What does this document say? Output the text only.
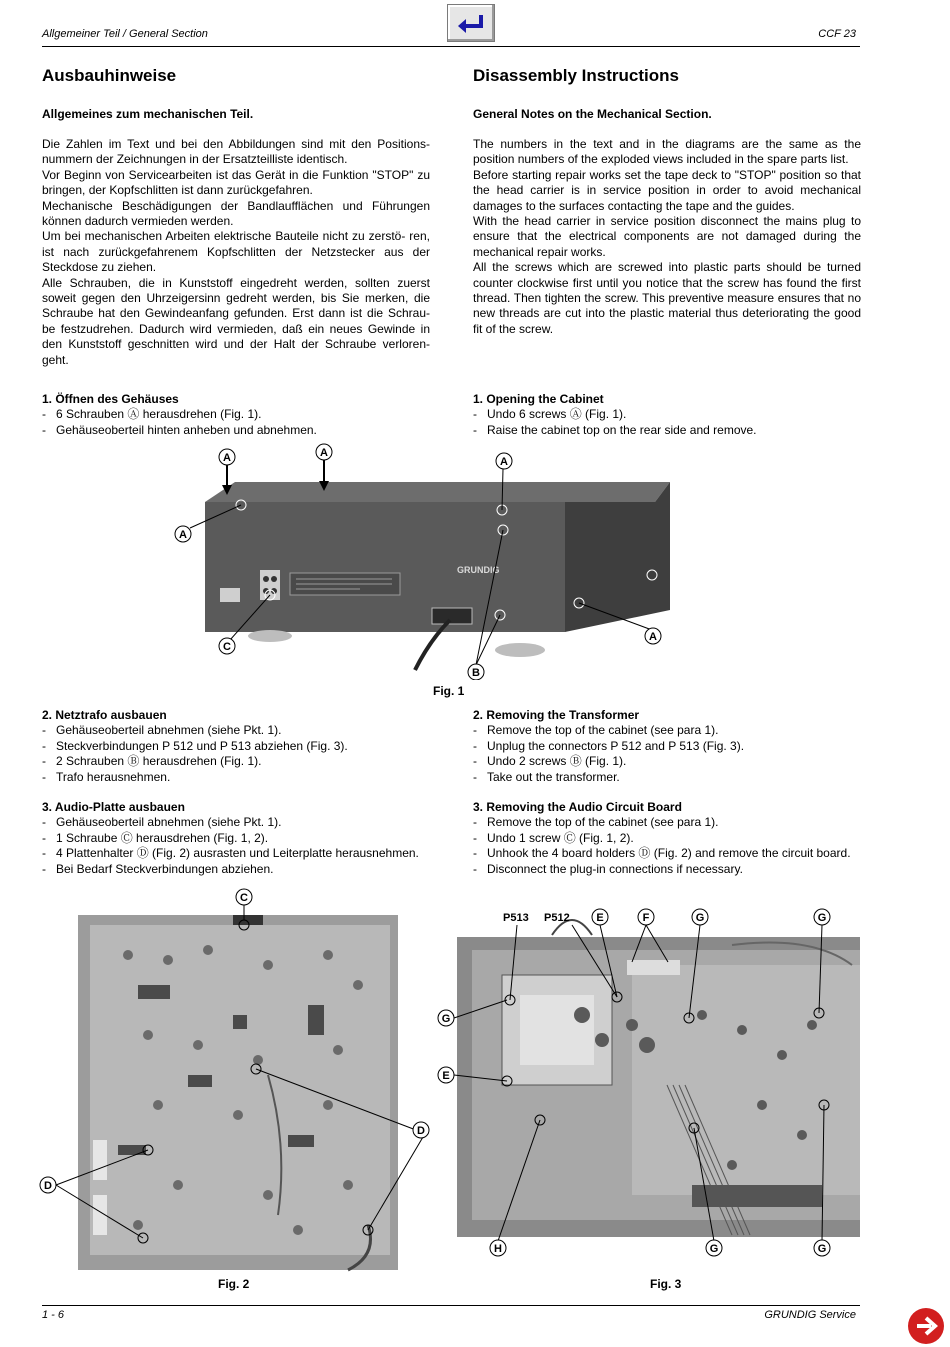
Allgemeiner Teil / General Section	CCF 23
Ausbauhinweise	Disassembly Instructions
Allgemeines zum mechanischen Teil.	General Notes on the Mechanical Section.

Die Zahlen im Text und bei den Abbildungen sind mit den Positions- nummern der Zeichnungen in der Ersatzteilliste identisch.

Vor Beginn von Servicearbeiten ist das Gerät in die Funktion "STOP" zu bringen, der Kopfschlitten ist dann zurückgefahren.

Mechanische Beschädigungen der Bandlaufflächen und Führungen können dadurch vermieden werden.

Um bei mechanischen Arbeiten elektrische Bauteile nicht zu zerstö- ren, ist nach zurückgefahrenem Kopfschlitten der Netzstecker aus der Steckdose zu ziehen.

Alle Schrauben, die in Kunststoff eingedreht werden, sollten zuerst soweit gegen den Uhrzeigersinn gedreht werden, bis Sie merken, die Schraube hat den Gewindeanfang gefunden. Erst dann ist die Schrau- be festzudrehen. Dadurch wird vermieden, daß ein neues Gewinde in den Kunststoff geschnitten wird und der Halt der Schraube verloren- geht.

The numbers in the text and in the diagrams are the same as the position numbers of the exploded views included in the spare parts list.

Before starting repair works set the tape deck to "STOP" position so that the head carrier is in service position in order to avoid mechanical damages to the surfaces contacting the tape and the guides.

With the head carrier in service position disconnect the mains plug to ensure that the electrical components are not damaged during the mechanical repair works.

All the screws which are screwed into plastic parts should be turned counter clockwise first until you notice that the screw has found the first thread. Then tighten the screw. This preventive measure ensures that no new threads are cut into the plastic material thus deteriorating the good fit of the screw.

1. Öffnen des Gehäuses
- 6 Schrauben Ⓐ herausdrehen (Fig. 1).
- Gehäuseoberteil hinten anheben und abnehmen.
1. Opening the Cabinet
- Undo 6 screws Ⓐ (Fig. 1).
- Raise the cabinet top on the rear side and remove.
GRUNDIG
A	A
A
A
A
B
C
Fig. 1
2. Netztrafo ausbauen
- Gehäuseoberteil abnehmen (siehe Pkt. 1).
- Steckverbindungen P 512 und P 513 abziehen (Fig. 3).
- 2 Schrauben Ⓑ herausdrehen (Fig. 1).
- Trafo herausnehmen.
2. Removing the Transformer
- Remove the top of the cabinet (see para 1).
- Unplug the connectors P 512 and P 513 (Fig. 3).
- Undo 2 screws Ⓑ (Fig. 1).
- Take out the transformer.
3. Audio-Platte ausbauen
- Gehäuseoberteil abnehmen (siehe Pkt. 1).
- 1 Schraube Ⓒ herausdrehen (Fig. 1, 2).
- 4 Plattenhalter Ⓓ (Fig. 2) ausrasten und Leiterplatte herausnehmen.
- Bei Bedarf Steckverbindungen abziehen.
3. Removing the Audio Circuit Board
- Remove the top of the cabinet (see para 1).
- Undo 1 screw Ⓒ (Fig. 1, 2).
- Unhook the 4 board holders Ⓓ (Fig. 2) and remove the circuit board.
- Disconnect the plug-in connections if necessary.
C
D
D
Fig. 2
P513 P512 E	F	G	G
G
E
H	G	G
Fig. 3
1 - 6	GRUNDIG Service
